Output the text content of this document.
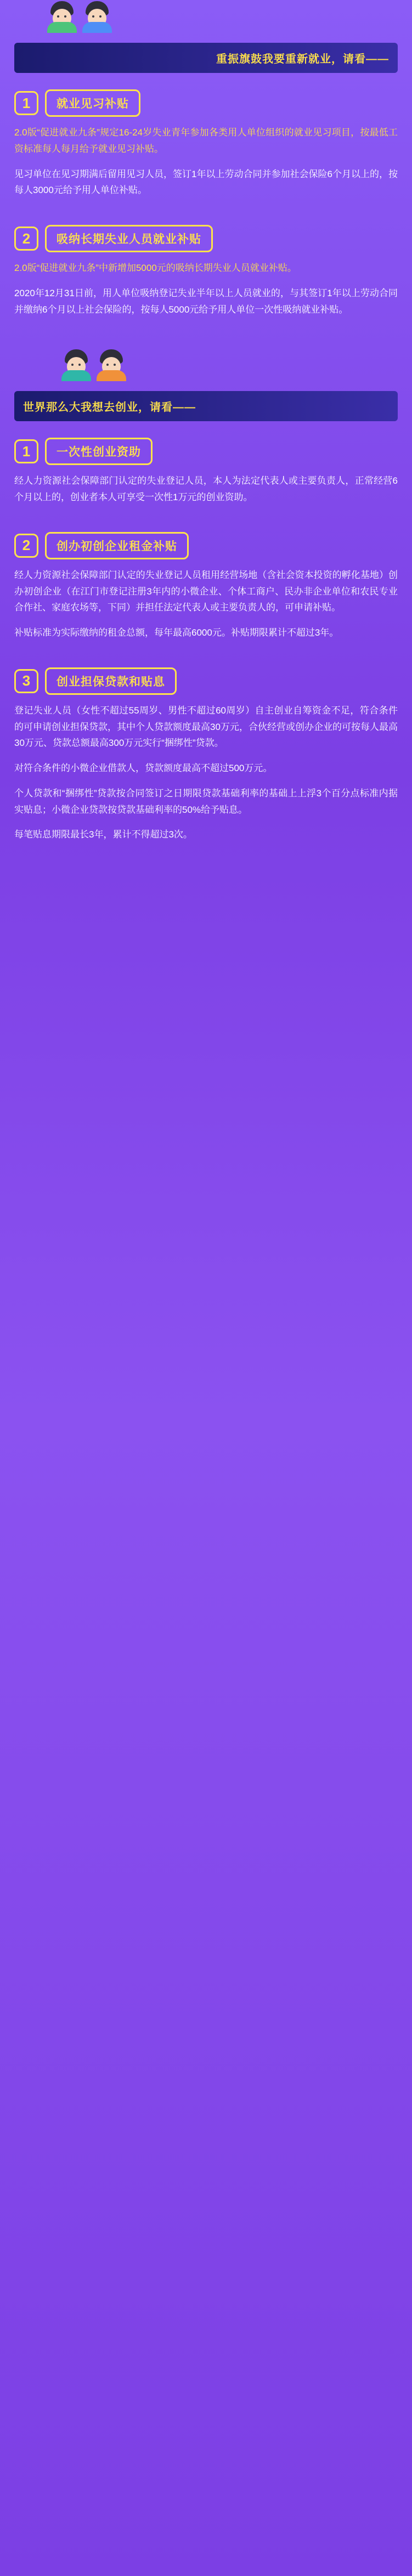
重振旗鼓我要重新就业，请看——
1	就业见习补贴

2.0版“促进就业九条”规定16-24岁失业青年参加各类用人单位组织的就业见习项目，按最低工资标准每人每月给予就业见习补贴。

见习单位在见习期满后留用见习人员，签订1年以上劳动合同并参加社会保险6个月以上的，按每人3000元给予用人单位补贴。

2	吸纳长期失业人员就业补贴

2.0版“促进就业九条”中新增加5000元的吸纳长期失业人员就业补贴。

2020年12月31日前，用人单位吸纳登记失业半年以上人员就业的，与其签订1年以上劳动合同并缴纳6个月以上社会保险的，按每人5000元给予用人单位一次性吸纳就业补贴。

世界那么大我想去创业，请看——
1	一次性创业资助

经人力资源社会保障部门认定的失业登记人员，本人为法定代表人或主要负责人，正常经营6个月以上的，创业者本人可享受一次性1万元的创业资助。

2	创办初创企业租金补贴

经人力资源社会保障部门认定的失业登记人员租用经营场地（含社会资本投资的孵化基地）创办初创企业（在江门市登记注册3年内的小微企业、个体工商户、民办非企业单位和农民专业合作社、家庭农场等，下同）并担任法定代表人或主要负责人的，可申请补贴。

补贴标准为实际缴纳的租金总额，每年最高6000元。补贴期限累计不超过3年。

3	创业担保贷款和贴息

登记失业人员（女性不超过55周岁、男性不超过60周岁）自主创业自筹资金不足，符合条件的可申请创业担保贷款，其中个人贷款额度最高30万元，合伙经营或创办企业的可按每人最高30万元、贷款总额最高300万元实行“捆绑性”贷款。

对符合条件的小微企业借款人，贷款额度最高不超过500万元。

个人贷款和“捆绑性”贷款按合同签订之日期限贷款基础利率的基础上上浮3个百分点标准内据实贴息；小微企业贷款按贷款基础利率的50%给予贴息。

每笔贴息期限最长3年，累计不得超过3次。
